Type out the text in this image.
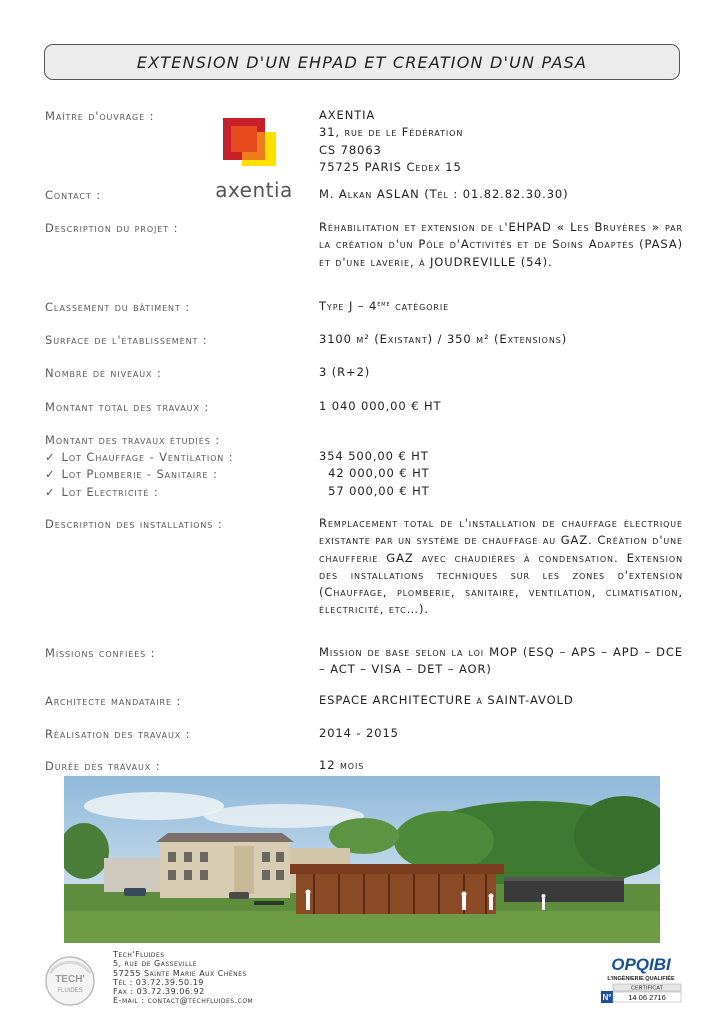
EXTENSION D'UN EHPAD ET CREATION D'UN PASA
Maître d'ouvrage :
axentia
AXENTIA
31, rue de le Fédération
CS 78063
75725 PARIS Cedex 15
Contact :	M. Alkan ASLAN (Tél : 01.82.82.30.30)
Description du projet :	Réhabilitation et extension de l'EHPAD « Les Bruyères » par la création d'un Pôle d'Activités et de Soins Adaptés (PASA) et d'une laverie, à JOUDREVILLE (54).
Classement du bâtiment :	Type J – 4ème catégorie
Surface de l'établissement :	3100 m² (Existant) / 350 m² (Extensions)
Nombre de niveaux :	3 (R+2)
Montant total des travaux :	1 040 000,00 € HT
Montant des travaux étudiés :
✓ Lot Chauffage - Ventilation :	354 500,00 € HT
✓ Lot Plomberie - Sanitaire :	42 000,00 € HT
✓ Lot Electricité :	57 000,00 € HT
Description des installations :	Remplacement total de l'installation de chauffage électrique existante par un système de chauffage au GAZ. Création d'une chaufferie GAZ avec chaudières à condensation. Extension des installations techniques sur les zones d'extension (Chauffage, plomberie, sanitaire, ventilation, climatisation, électricité, etc…).
Missions confiées :	Mission de base selon la loi MOP (ESQ – APS – APD – DCE – ACT – VISA – DET – AOR)
Architecte mandataire :	ESPACE ARCHITECTURE à SAINT-AVOLD
Réalisation des travaux :	2014 - 2015
Durée des travaux :	12 mois
TECH'
FLUIDES
Tech'Fluides
5, rue de Gasseville
57255 Sainte Marie Aux Chênes
Tél : 03.72.39.50.19
Fax : 03.72.39.06.92
E-mail : contact@techfluides.com
OPQIBI
L'INGÉNIERIE QUALIFIÉE
CERTIFICAT
N° 14 06 2716
